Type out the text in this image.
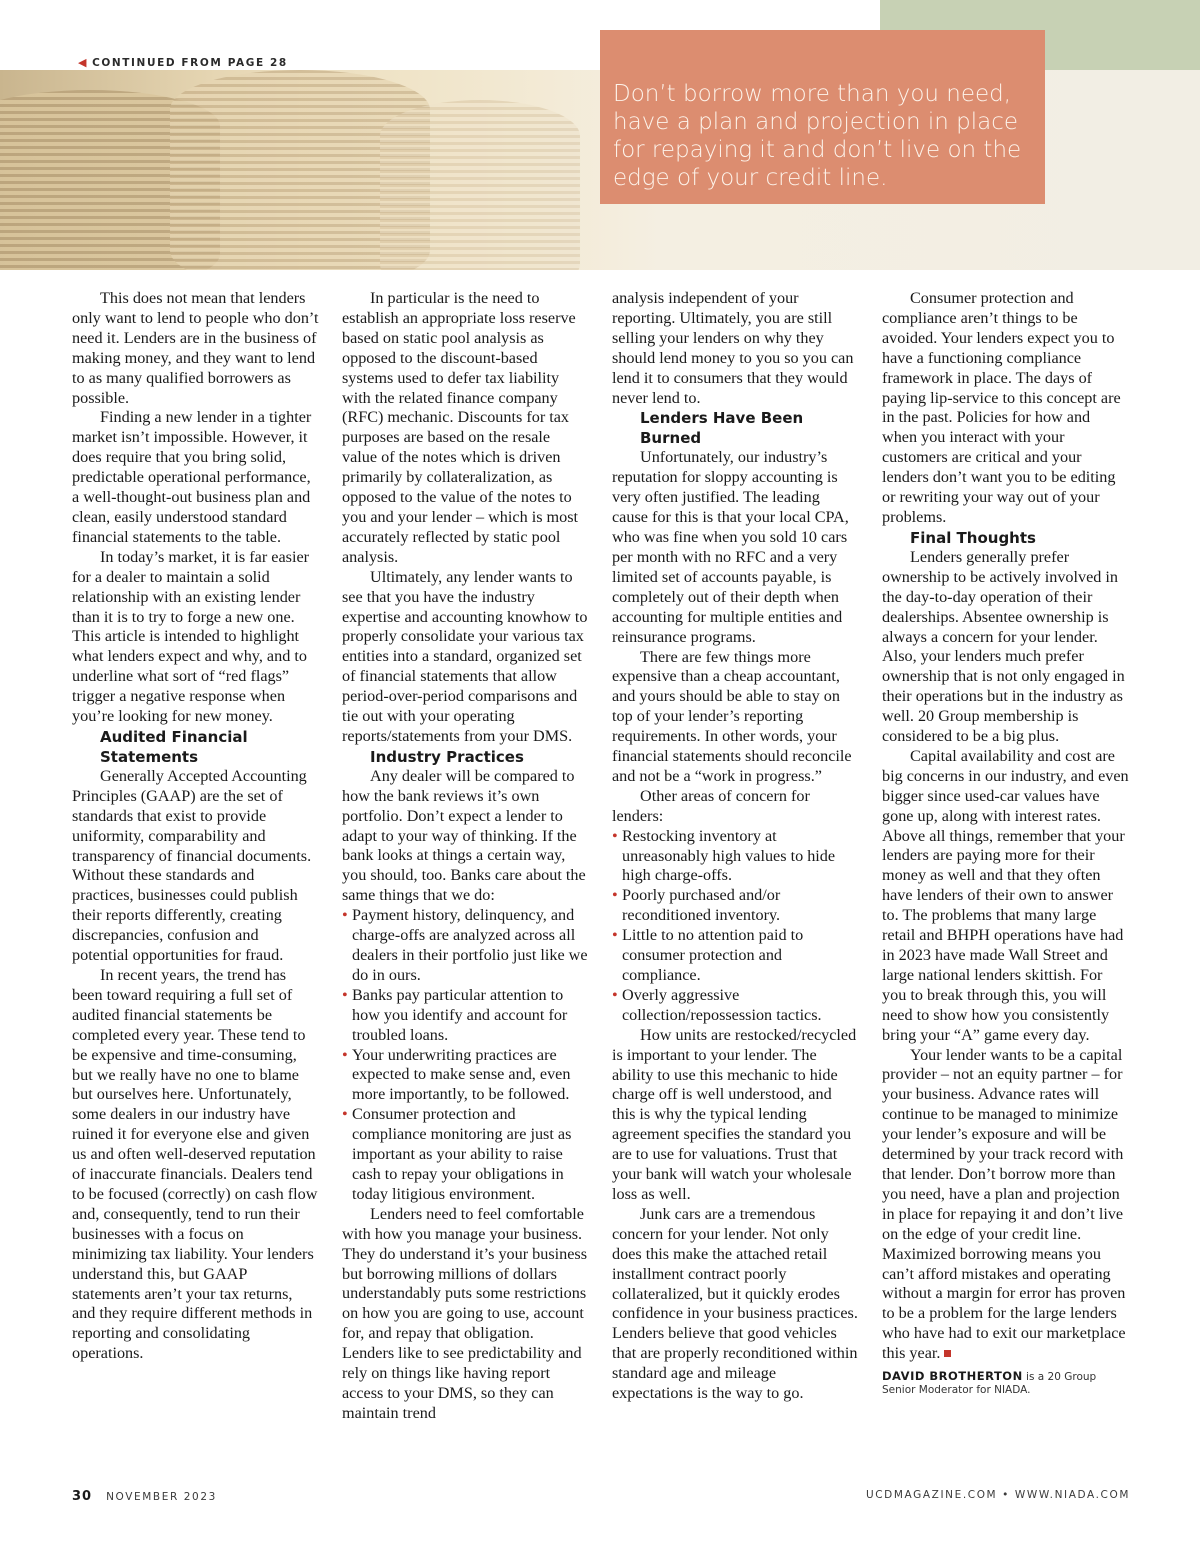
Don’t borrow more than you need, have a plan and projection in place for repaying it and don’t live on the edge of your credit line.
◀ CONTINUED FROM PAGE 28

This does not mean that lenders only want to lend to people who don’t need it. Lenders are in the business of making money, and they want to lend to as many qualified borrowers as possible.

Finding a new lender in a tighter market isn’t impossible. However, it does require that you bring solid, predictable operational performance, a well-thought-out business plan and clean, easily understood standard financial statements to the table.

In today’s market, it is far easier for a dealer to maintain a solid relationship with an existing lender than it is to try to forge a new one. This article is intended to highlight what lenders expect and why, and to underline what sort of “red flags” trigger a negative response when you’re looking for new money.

Audited Financial Statements

Generally Accepted Accounting Principles (GAAP) are the set of standards that exist to provide uniformity, comparability and transparency of financial documents. Without these standards and practices, businesses could publish their reports differently, creating discrepancies, confusion and potential opportunities for fraud.

In recent years, the trend has been toward requiring a full set of audited financial statements be completed every year. These tend to be expensive and time-consuming, but we really have no one to blame but ourselves here. Unfortunately, some dealers in our industry have ruined it for everyone else and given us and often well-deserved reputation of inaccurate financials. Dealers tend to be focused (correctly) on cash flow and, consequently, tend to run their businesses with a focus on minimizing tax liability. Your lenders understand this, but GAAP statements aren’t your tax returns, and they require different methods in reporting and consolidating operations.

In particular is the need to establish an appropriate loss reserve based on static pool analysis as opposed to the discount-based systems used to defer tax liability with the related finance company (RFC) mechanic. Discounts for tax purposes are based on the resale value of the notes which is driven primarily by collateralization, as opposed to the value of the notes to you and your lender – which is most accurately reflected by static pool analysis.

Ultimately, any lender wants to see that you have the industry expertise and accounting knowhow to properly consolidate your various tax entities into a standard, organized set of financial statements that allow period-over-period comparisons and tie out with your operating reports/statements from your DMS.

Industry Practices

Any dealer will be compared to how the bank reviews it’s own portfolio. Don’t expect a lender to adapt to your way of thinking. If the bank looks at things a certain way, you should, too. Banks care about the same things that we do:

• Payment history, delinquency, and charge-offs are analyzed across all dealers in their portfolio just like we do in ours.
• Banks pay particular attention to how you identify and account for troubled loans.
• Your underwriting practices are expected to make sense and, even more importantly, to be followed.
• Consumer protection and compliance monitoring are just as important as your ability to raise cash to repay your obligations in today litigious environment.

Lenders need to feel comfortable with how you manage your business. They do understand it’s your business but borrowing millions of dollars understandably puts some restrictions on how you are going to use, account for, and repay that obligation. Lenders like to see predictability and rely on things like having report access to your DMS, so they can maintain trend

analysis independent of your reporting. Ultimately, you are still selling your lenders on why they should lend money to you so you can lend it to consumers that they would never lend to.

Lenders Have Been Burned

Unfortunately, our industry’s reputation for sloppy accounting is very often justified. The leading cause for this is that your local CPA, who was fine when you sold 10 cars per month with no RFC and a very limited set of accounts payable, is completely out of their depth when accounting for multiple entities and reinsurance programs.

There are few things more expensive than a cheap accountant, and yours should be able to stay on top of your lender’s reporting requirements. In other words, your financial statements should reconcile and not be a “work in progress.”

Other areas of concern for lenders:

• Restocking inventory at unreasonably high values to hide high charge-offs.
• Poorly purchased and/or reconditioned inventory.
• Little to no attention paid to consumer protection and compliance.
• Overly aggressive collection/repossession tactics.

How units are restocked/recycled is important to your lender. The ability to use this mechanic to hide charge off is well understood, and this is why the typical lending agreement specifies the standard you are to use for valuations. Trust that your bank will watch your wholesale loss as well.

Junk cars are a tremendous concern for your lender. Not only does this make the attached retail installment contract poorly collateralized, but it quickly erodes confidence in your business practices. Lenders believe that good vehicles that are properly reconditioned within standard age and mileage expectations is the way to go.

Consumer protection and compliance aren’t things to be avoided. Your lenders expect you to have a functioning compliance framework in place. The days of paying lip-service to this concept are in the past. Policies for how and when you interact with your customers are critical and your lenders don’t want you to be editing or rewriting your way out of your problems.

Final Thoughts

Lenders generally prefer ownership to be actively involved in the day-to-day operation of their dealerships. Absentee ownership is always a concern for your lender. Also, your lenders much prefer ownership that is not only engaged in their operations but in the industry as well. 20 Group membership is considered to be a big plus.

Capital availability and cost are big concerns in our industry, and even bigger since used-car values have gone up, along with interest rates. Above all things, remember that your lenders are paying more for their money as well and that they often have lenders of their own to answer to. The problems that many large retail and BHPH operations have had in 2023 have made Wall Street and large national lenders skittish. For you to break through this, you will need to show how you consistently bring your “A” game every day.

Your lender wants to be a capital provider – not an equity partner – for your business. Advance rates will continue to be managed to minimize your lender’s exposure and will be determined by your track record with that lender. Don’t borrow more than you need, have a plan and projection in place for repaying it and don’t live on the edge of your credit line. Maximized borrowing means you can’t afford mistakes and operating without a margin for error has proven to be a problem for the large lenders who have had to exit our marketplace this year.

DAVID BROTHERTON is a 20 Group Senior Moderator for NIADA.
30 NOVEMBER 2023	UCDMAGAZINE.COM • WWW.NIADA.COM
